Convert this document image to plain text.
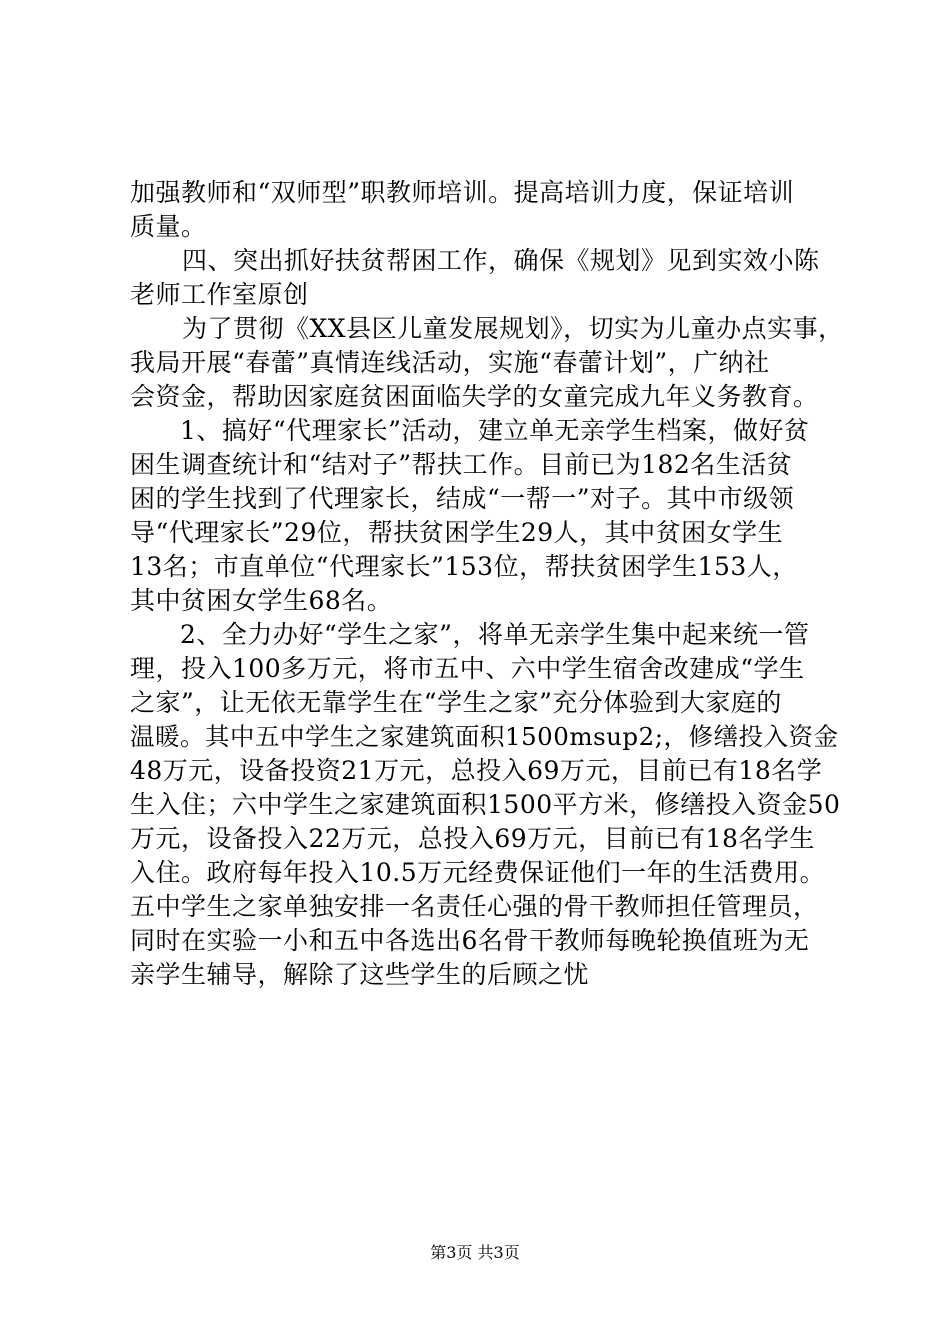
加强教师和“双师型”职教师培训。提高培训力度，保证培训
质量。
四、突出抓好扶贫帮困工作，确保《规划》见到实效小陈
老师工作室原创
为了贯彻《XX县区儿童发展规划》，切实为儿童办点实事，
我局开展“春蕾”真情连线活动，实施“春蕾计划”，广纳社
会资金，帮助因家庭贫困面临失学的女童完成九年义务教育。
1、搞好“代理家长”活动，建立单无亲学生档案，做好贫
困生调查统计和“结对子”帮扶工作。目前已为182名生活贫
困的学生找到了代理家长，结成“一帮一”对子。其中市级领
导“代理家长”29位，帮扶贫困学生29人，其中贫困女学生
13名；市直单位“代理家长”153位，帮扶贫困学生153人，
其中贫困女学生68名。
2、全力办好“学生之家”，将单无亲学生集中起来统一管
理，投入100多万元，将市五中、六中学生宿舍改建成“学生
之家”，让无依无靠学生在“学生之家”充分体验到大家庭的
温暖。其中五中学生之家建筑面积1500msup2;，修缮投入资金
48万元，设备投资21万元，总投入69万元，目前已有18名学
生入住；六中学生之家建筑面积1500平方米，修缮投入资金50
万元，设备投入22万元，总投入69万元，目前已有18名学生
入住。政府每年投入10.5万元经费保证他们一年的生活费用。
五中学生之家单独安排一名责任心强的骨干教师担任管理员，
同时在实验一小和五中各选出6名骨干教师每晚轮换值班为无
亲学生辅导，解除了这些学生的后顾之忧
第3页 共3页
